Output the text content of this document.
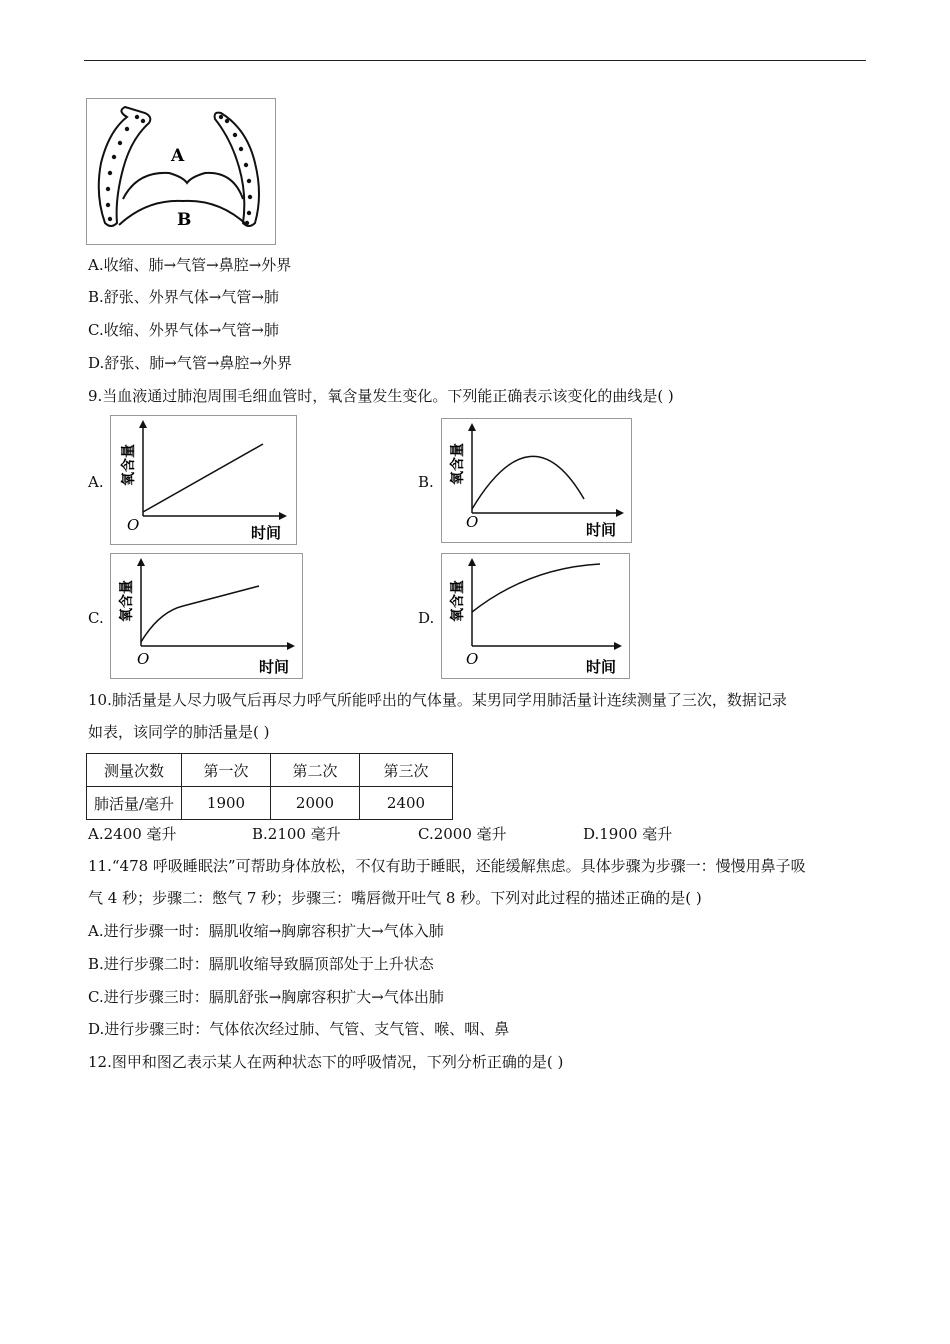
A
B
A.收缩、肺→气管→鼻腔→外界
B.舒张、外界气体→气管→肺
C.收缩、外界气体→气管→肺
D.舒张、肺→气管→鼻腔→外界
9.当血液通过肺泡周围毛细血管时，氧含量发生变化。下列能正确表示该变化的曲线是( )
A.
O	时间
氧含量	B.
O	时间
氧含量
C.
O	时间
氧含量	D.
O	时间
氧含量
10.肺活量是人尽力吸气后再尽力呼气所能呼出的气体量。某男同学用肺活量计连续测量了三次，数据记录
如表，该同学的肺活量是( )
测量次数	第一次	第二次	第三次
肺活量/毫升	1900	2000	2400
A.2400 毫升	B.2100 毫升	C.2000 毫升	D.1900 毫升
11.“478 呼吸睡眠法”可帮助身体放松，不仅有助于睡眠，还能缓解焦虑。具体步骤为步骤一：慢慢用鼻子吸
气 4 秒；步骤二：憋气 7 秒；步骤三：嘴唇微开吐气 8 秒。下列对此过程的描述正确的是( )
A.进行步骤一时：膈肌收缩→胸廓容积扩大→气体入肺
B.进行步骤二时：膈肌收缩导致膈顶部处于上升状态
C.进行步骤三时：膈肌舒张→胸廓容积扩大→气体出肺
D.进行步骤三时：气体依次经过肺、气管、支气管、喉、咽、鼻
12.图甲和图乙表示某人在两种状态下的呼吸情况，下列分析正确的是( )
